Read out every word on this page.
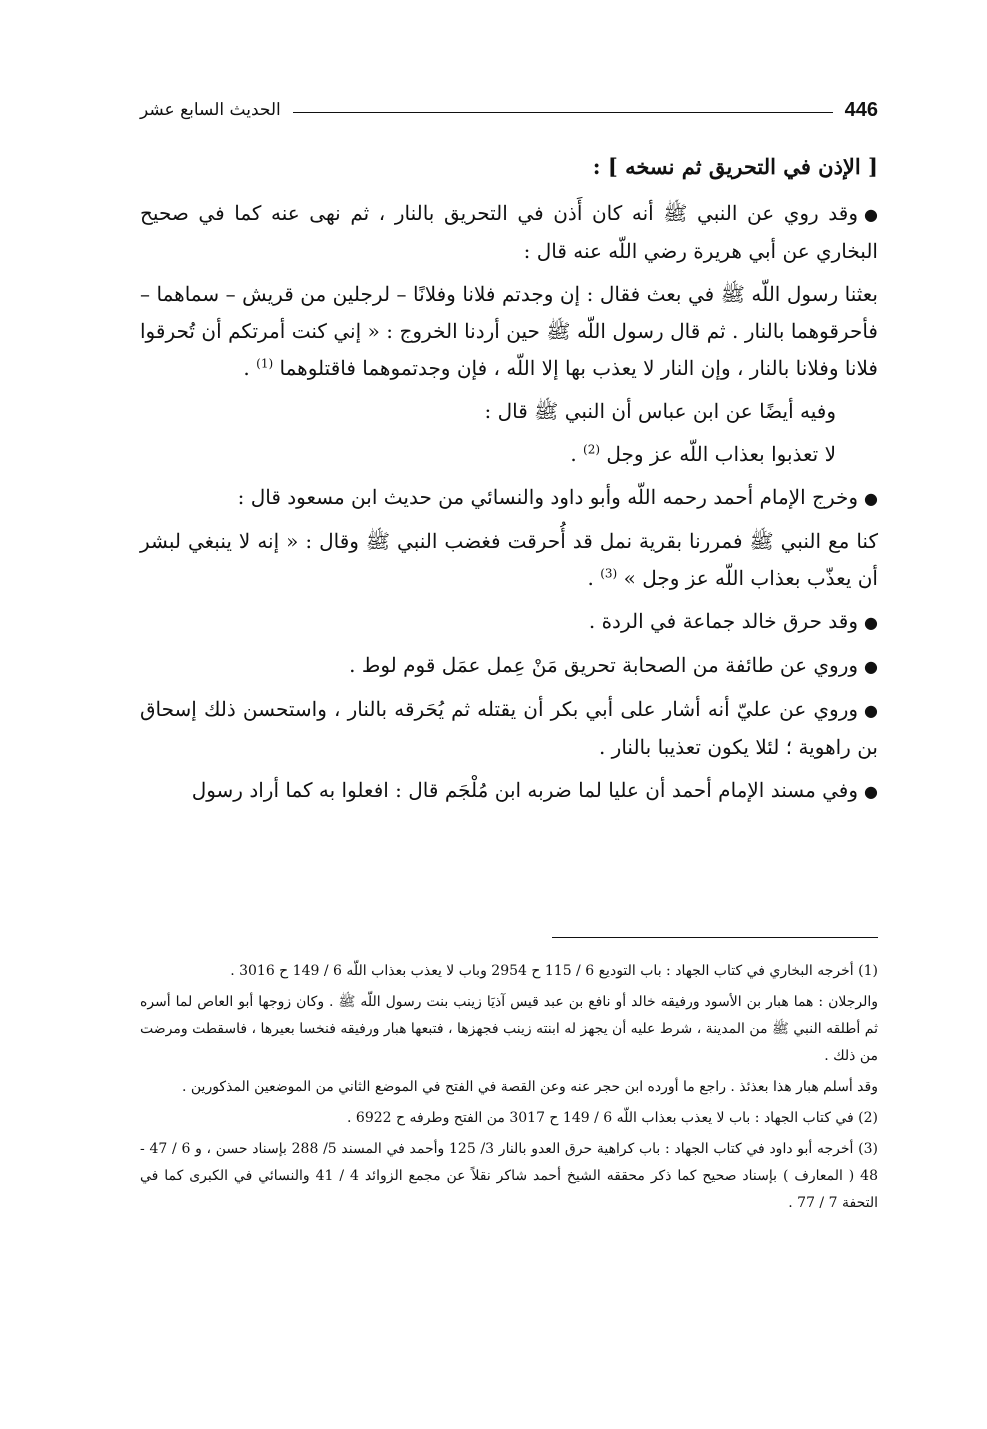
446
الحديث السابع عشر

[ الإذن في التحريق ثم نسخه ] :

●وقد روي عن النبي ﷺ أنه كان أَذن في التحريق بالنار ، ثم نهى عنه كما في صحيح البخاري عن أبي هريرة رضي اللّه عنه قال :

بعثنا رسول اللّه ﷺ في بعث فقال : إن وجدتم فلانا وفلانًا – لرجلين من قريش – سماهما – فأحرقوهما بالنار . ثم قال رسول اللّه ﷺ حين أردنا الخروج : « إني كنت أمرتكم أن تُحرقوا فلانا وفلانا بالنار ، وإن النار لا يعذب بها إلا اللّه ، فإن وجدتموهما فاقتلوهما $^{(1)}$ .

وفيه أيضًا عن ابن عباس أن النبي ﷺ قال :

لا تعذبوا بعذاب اللّه عز وجل $^{(2)}$ .

●وخرج الإمام أحمد رحمه اللّه وأبو داود والنسائي من حديث ابن مسعود قال :

كنا مع النبي ﷺ فمررنا بقرية نمل قد أُحرقت فغضب النبي ﷺ وقال : « إنه لا ينبغي لبشر أن يعذّب بعذاب اللّه عز وجل » $^{(3)}$ .

●وقد حرق خالد جماعة في الردة .

●وروي عن طائفة من الصحابة تحريق مَنْ عِمل عمَل قوم لوط .

●وروي عن عليّ أنه أشار على أبي بكر أن يقتله ثم يُحَرقه بالنار ، واستحسن ذلك إسحاق بن راهوية ؛ لئلا يكون تعذيبا بالنار .

●وفي مسند الإمام أحمد أن عليا لما ضربه ابن مُلْجَم قال : افعلوا به كما أراد رسول

(1) أخرجه البخاري في كتاب الجهاد : باب التوديع 6 / 115 ح 2954 وباب لا يعذب بعذاب اللّه 6 / 149 ح 3016 .

والرجلان : هما هبار بن الأسود ورفيقه خالد أو نافع بن عبد قيس آذيَا زينب بنت رسول اللّه ﷺ . وكان زوجها أبو العاص لما أسره ثم أطلقه النبي ﷺ من المدينة ، شرط عليه أن يجهز له ابنته زينب فجهزها ، فتبعها هبار ورفيقه فنخسا بعيرها ، فاسقطت ومرضت من ذلك .

وقد أسلم هبار هذا بعذئذ . راجع ما أورده ابن حجر عنه وعن القصة في الفتح في الموضع الثاني من الموضعين المذكورين .

(2) في كتاب الجهاد : باب لا يعذب بعذاب اللّه 6 / 149 ح 3017 من الفتح وطرفه ح 6922 .

(3) أخرجه أبو داود في كتاب الجهاد : باب كراهية حرق العدو بالنار 3/ 125 وأحمد في المسند 5/ 288 بإسناد حسن ، و 6 / 47 - 48 ( المعارف ) بإسناد صحيح كما ذكر محققه الشيخ أحمد شاكر نقلاً عن مجمع الزوائد 4 / 41 والنسائي في الكبرى كما في التحفة 7 / 77 .
